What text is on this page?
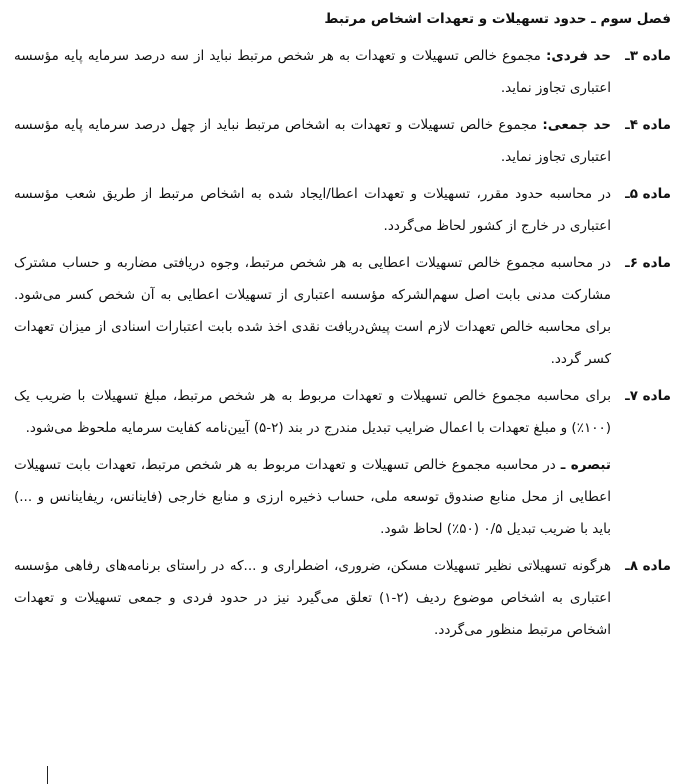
فصل سوم ـ حدود تسهیلات و تعهدات اشخاص مرتبط
ماده ۳ـ
حد فردی: مجموع خالص تسهیلات و تعهدات به هر شخص مرتبط نباید از سه درصد سرمایه پایه مؤسسه اعتباری تجاوز نماید.
ماده ۴ـ
حد جمعی: مجموع خالص تسهیلات و تعهدات به اشخاص مرتبط نباید از چهل درصد سرمایه پایه مؤسسه اعتباری تجاوز نماید.
ماده ۵ـ
در محاسبه حدود مقرر، تسهیلات و تعهدات اعطا/ایجاد شده به اشخاص مرتبط از طریق شعب مؤسسه اعتباری در خارج از کشور لحاظ می‌گردد.
ماده ۶ـ
در محاسبه مجموع خالص تسهیلات اعطایی به هر شخص مرتبط، وجوه دریافتی مضاربه و حساب مشترک مشارکت مدنی بابت اصل سهم‌الشرکه مؤسسه اعتباری از تسهیلات اعطایی به آن شخص کسر می‌شود. برای محاسبه خالص تعهدات لازم است پیش‌دریافت نقدی اخذ شده بابت اعتبارات اسنادی از میزان تعهدات کسر گردد.
ماده ۷ـ
برای محاسبه مجموع خالص تسهیلات و تعهدات مربوط به هر شخص مرتبط، مبلغ تسهیلات با ضریب یک (۱۰۰٪) و مبلغ تعهدات با اعمال ضرایب تبدیل مندرج در بند (۲-۵) آیین‌نامه کفایت سرمایه ملحوظ می‌شود.
تبصره ـ در محاسبه مجموع خالص تسهیلات و تعهدات مربوط به هر شخص مرتبط، تعهدات بابت تسهیلات اعطایی از محل منابع صندوق توسعه ملی، حساب ذخیره ارزی و منابع خارجی (فاینانس، ریفاینانس و ...) باید با ضریب تبدیل ۰/۵ (۵۰٪) لحاظ شود.
ماده ۸ـ
هرگونه تسهیلاتی نظیر تسهیلات مسکن، ضروری، اضطراری و ...که در راستای برنامه‌های رفاهی مؤسسه اعتباری به اشخاص موضوع ردیف (۲-۱) تعلق می‌گیرد نیز در حدود فردی و جمعی تسهیلات و تعهدات اشخاص مرتبط منظور می‌گردد.
